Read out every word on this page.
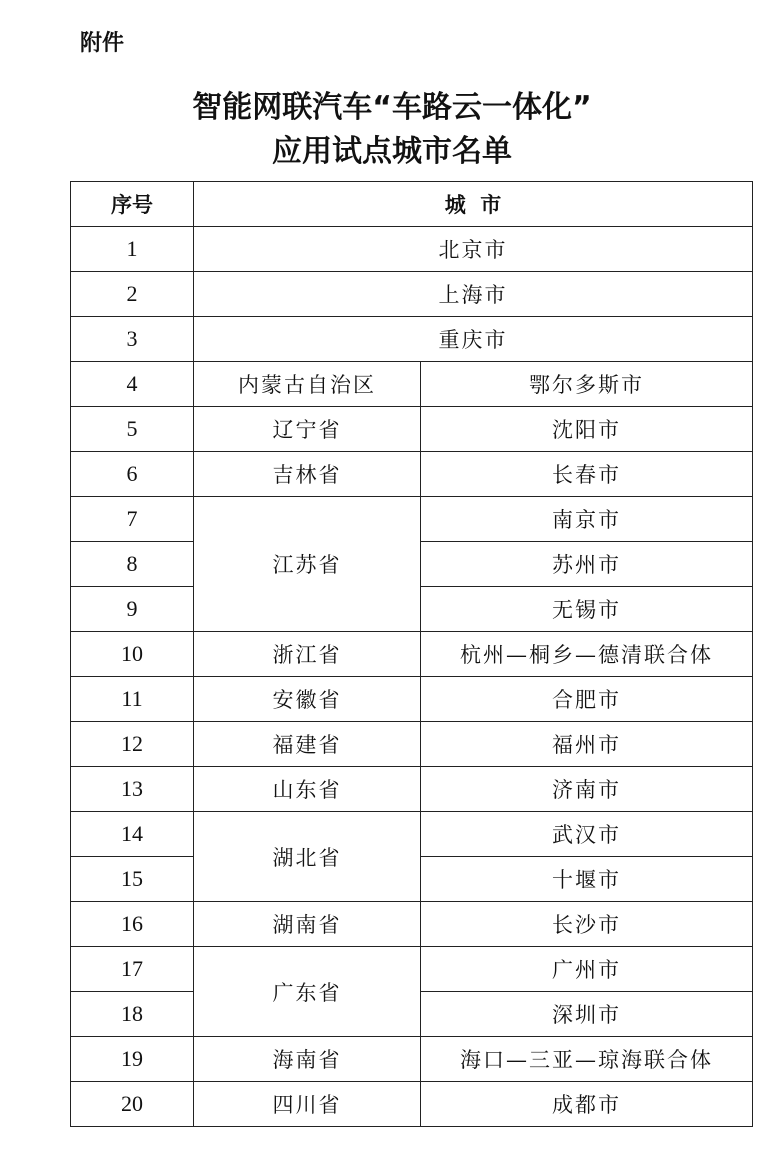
附件
智能网联汽车“车路云一体化”
应用试点城市名单
序号	城  市	
1	北京市	
2	上海市	
3	重庆市	
4	内蒙古自治区	鄂尔多斯市
5	辽宁省	沈阳市
6	吉林省	长春市
7	江苏省	南京市
8		苏州市
9		无锡市
10	浙江省	杭州—桐乡—德清联合体
11	安徽省	合肥市
12	福建省	福州市
13	山东省	济南市
14	湖北省	武汉市
15		十堰市
16	湖南省	长沙市
17	广东省	广州市
18		深圳市
19	海南省	海口—三亚—琼海联合体
20	四川省	成都市
